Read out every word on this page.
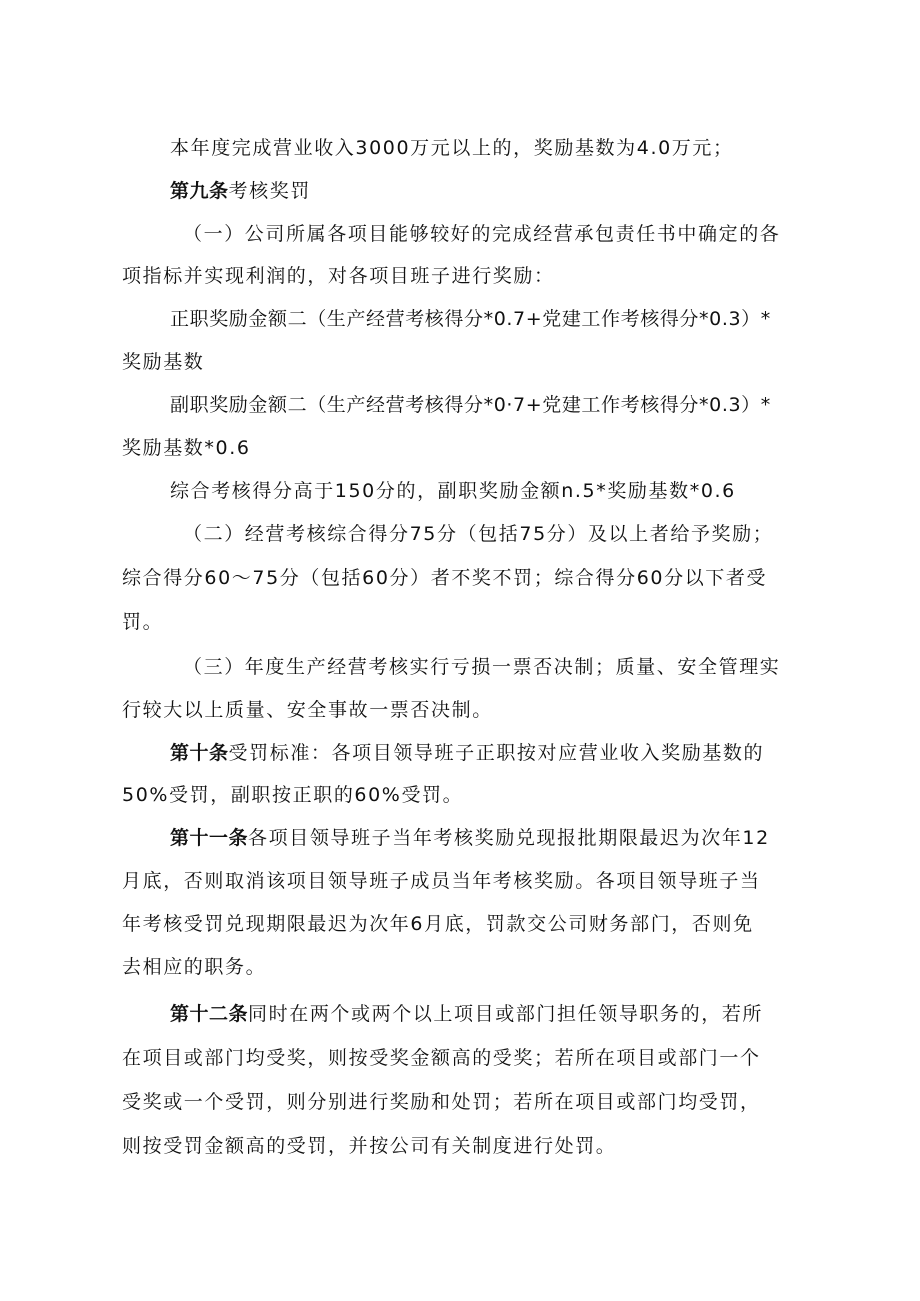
本年度完成营业收入3000万元以上的，奖励基数为4.0万元；
第九条考核奖罚
（一）公司所属各项目能够较好的完成经营承包责任书中确定的各
项指标并实现利润的，对各项目班子进行奖励：
正职奖励金额二（生产经营考核得分*0.7+党建工作考核得分*0.3）*
奖励基数
副职奖励金额二（生产经营考核得分*0·7+党建工作考核得分*0.3）*
奖励基数*0.6
综合考核得分高于150分的，副职奖励金额n.5*奖励基数*0.6
（二）经营考核综合得分75分（包括75分）及以上者给予奖励；
综合得分60〜75分（包括60分）者不奖不罚；综合得分60分以下者受
罚。
（三）年度生产经营考核实行亏损一票否决制；质量、安全管理实
行较大以上质量、安全事故一票否决制。
第十条受罚标准：各项目领导班子正职按对应营业收入奖励基数的
50%受罚，副职按正职的60%受罚。
第十一条各项目领导班子当年考核奖励兑现报批期限最迟为次年12
月底，否则取消该项目领导班子成员当年考核奖励。各项目领导班子当
年考核受罚兑现期限最迟为次年6月底，罚款交公司财务部门，否则免
去相应的职务。
第十二条同时在两个或两个以上项目或部门担任领导职务的，若所
在项目或部门均受奖，则按受奖金额高的受奖；若所在项目或部门一个
受奖或一个受罚，则分别进行奖励和处罚；若所在项目或部门均受罚，
则按受罚金额高的受罚，并按公司有关制度进行处罚。
